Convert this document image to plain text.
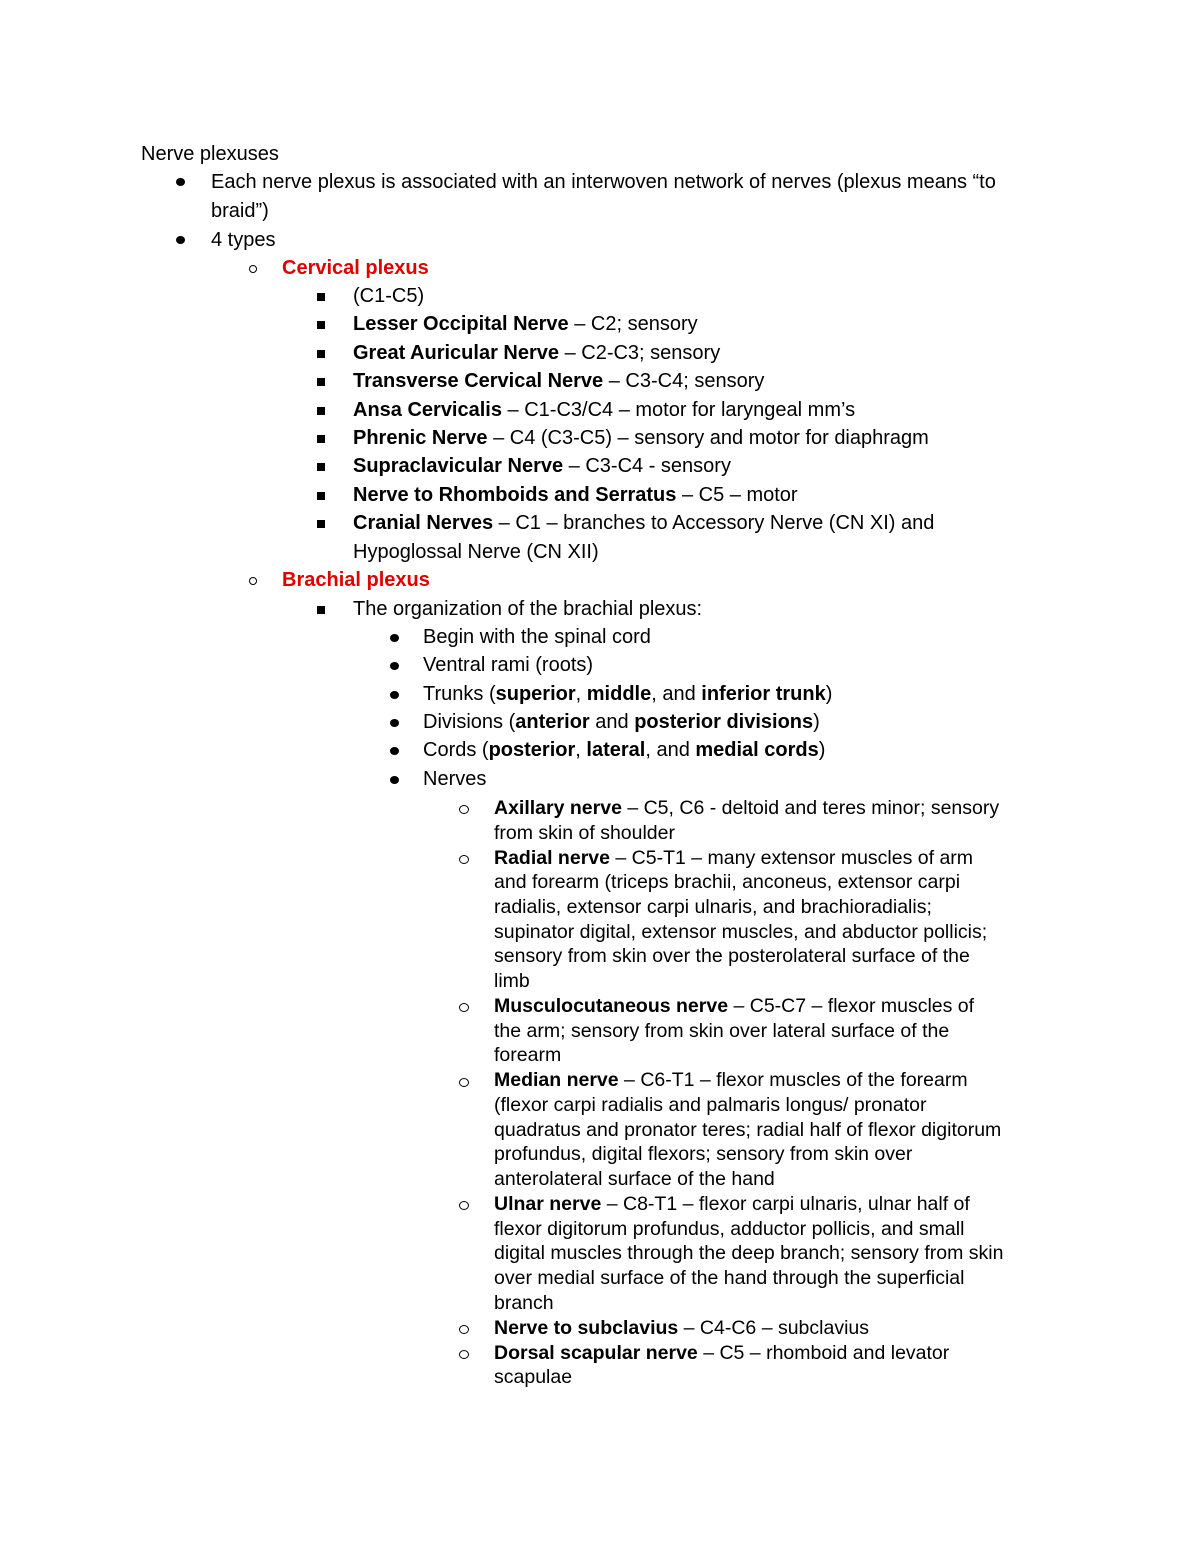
Nerve plexuses
Each nerve plexus is associated with an interwoven network of nerves (plexus means “to
braid”)
4 types
Cervical plexus
(C1-C5)
Lesser Occipital Nerve – C2; sensory
Great Auricular Nerve – C2-C3; sensory
Transverse Cervical Nerve – C3-C4; sensory
Ansa Cervicalis – C1-C3/C4 – motor for laryngeal mm’s
Phrenic Nerve – C4 (C3-C5) – sensory and motor for diaphragm
Supraclavicular Nerve – C3-C4 - sensory
Nerve to Rhomboids and Serratus – C5 – motor
Cranial Nerves – C1 – branches to Accessory Nerve (CN XI) and
Hypoglossal Nerve (CN XII)
Brachial plexus
The organization of the brachial plexus:
Begin with the spinal cord
Ventral rami (roots)
Trunks (superior, middle, and inferior trunk)
Divisions (anterior and posterior divisions)
Cords (posterior, lateral, and medial cords)
Nerves
Axillary nerve – C5, C6 - deltoid and teres minor; sensory
from skin of shoulder
Radial nerve – C5-T1 – many extensor muscles of arm
and forearm (triceps brachii, anconeus, extensor carpi
radialis, extensor carpi ulnaris, and brachioradialis;
supinator digital, extensor muscles, and abductor pollicis;
sensory from skin over the posterolateral surface of the
limb
Musculocutaneous nerve – C5-C7 – flexor muscles of
the arm; sensory from skin over lateral surface of the
forearm
Median nerve – C6-T1 – flexor muscles of the forearm
(flexor carpi radialis and palmaris longus/ pronator
quadratus and pronator teres; radial half of flexor digitorum
profundus, digital flexors; sensory from skin over
anterolateral surface of the hand
Ulnar nerve – C8-T1 – flexor carpi ulnaris, ulnar half of
flexor digitorum profundus, adductor pollicis, and small
digital muscles through the deep branch; sensory from skin
over medial surface of the hand through the superficial
branch
Nerve to subclavius – C4-C6 – subclavius
Dorsal scapular nerve – C5 – rhomboid and levator
scapulae
